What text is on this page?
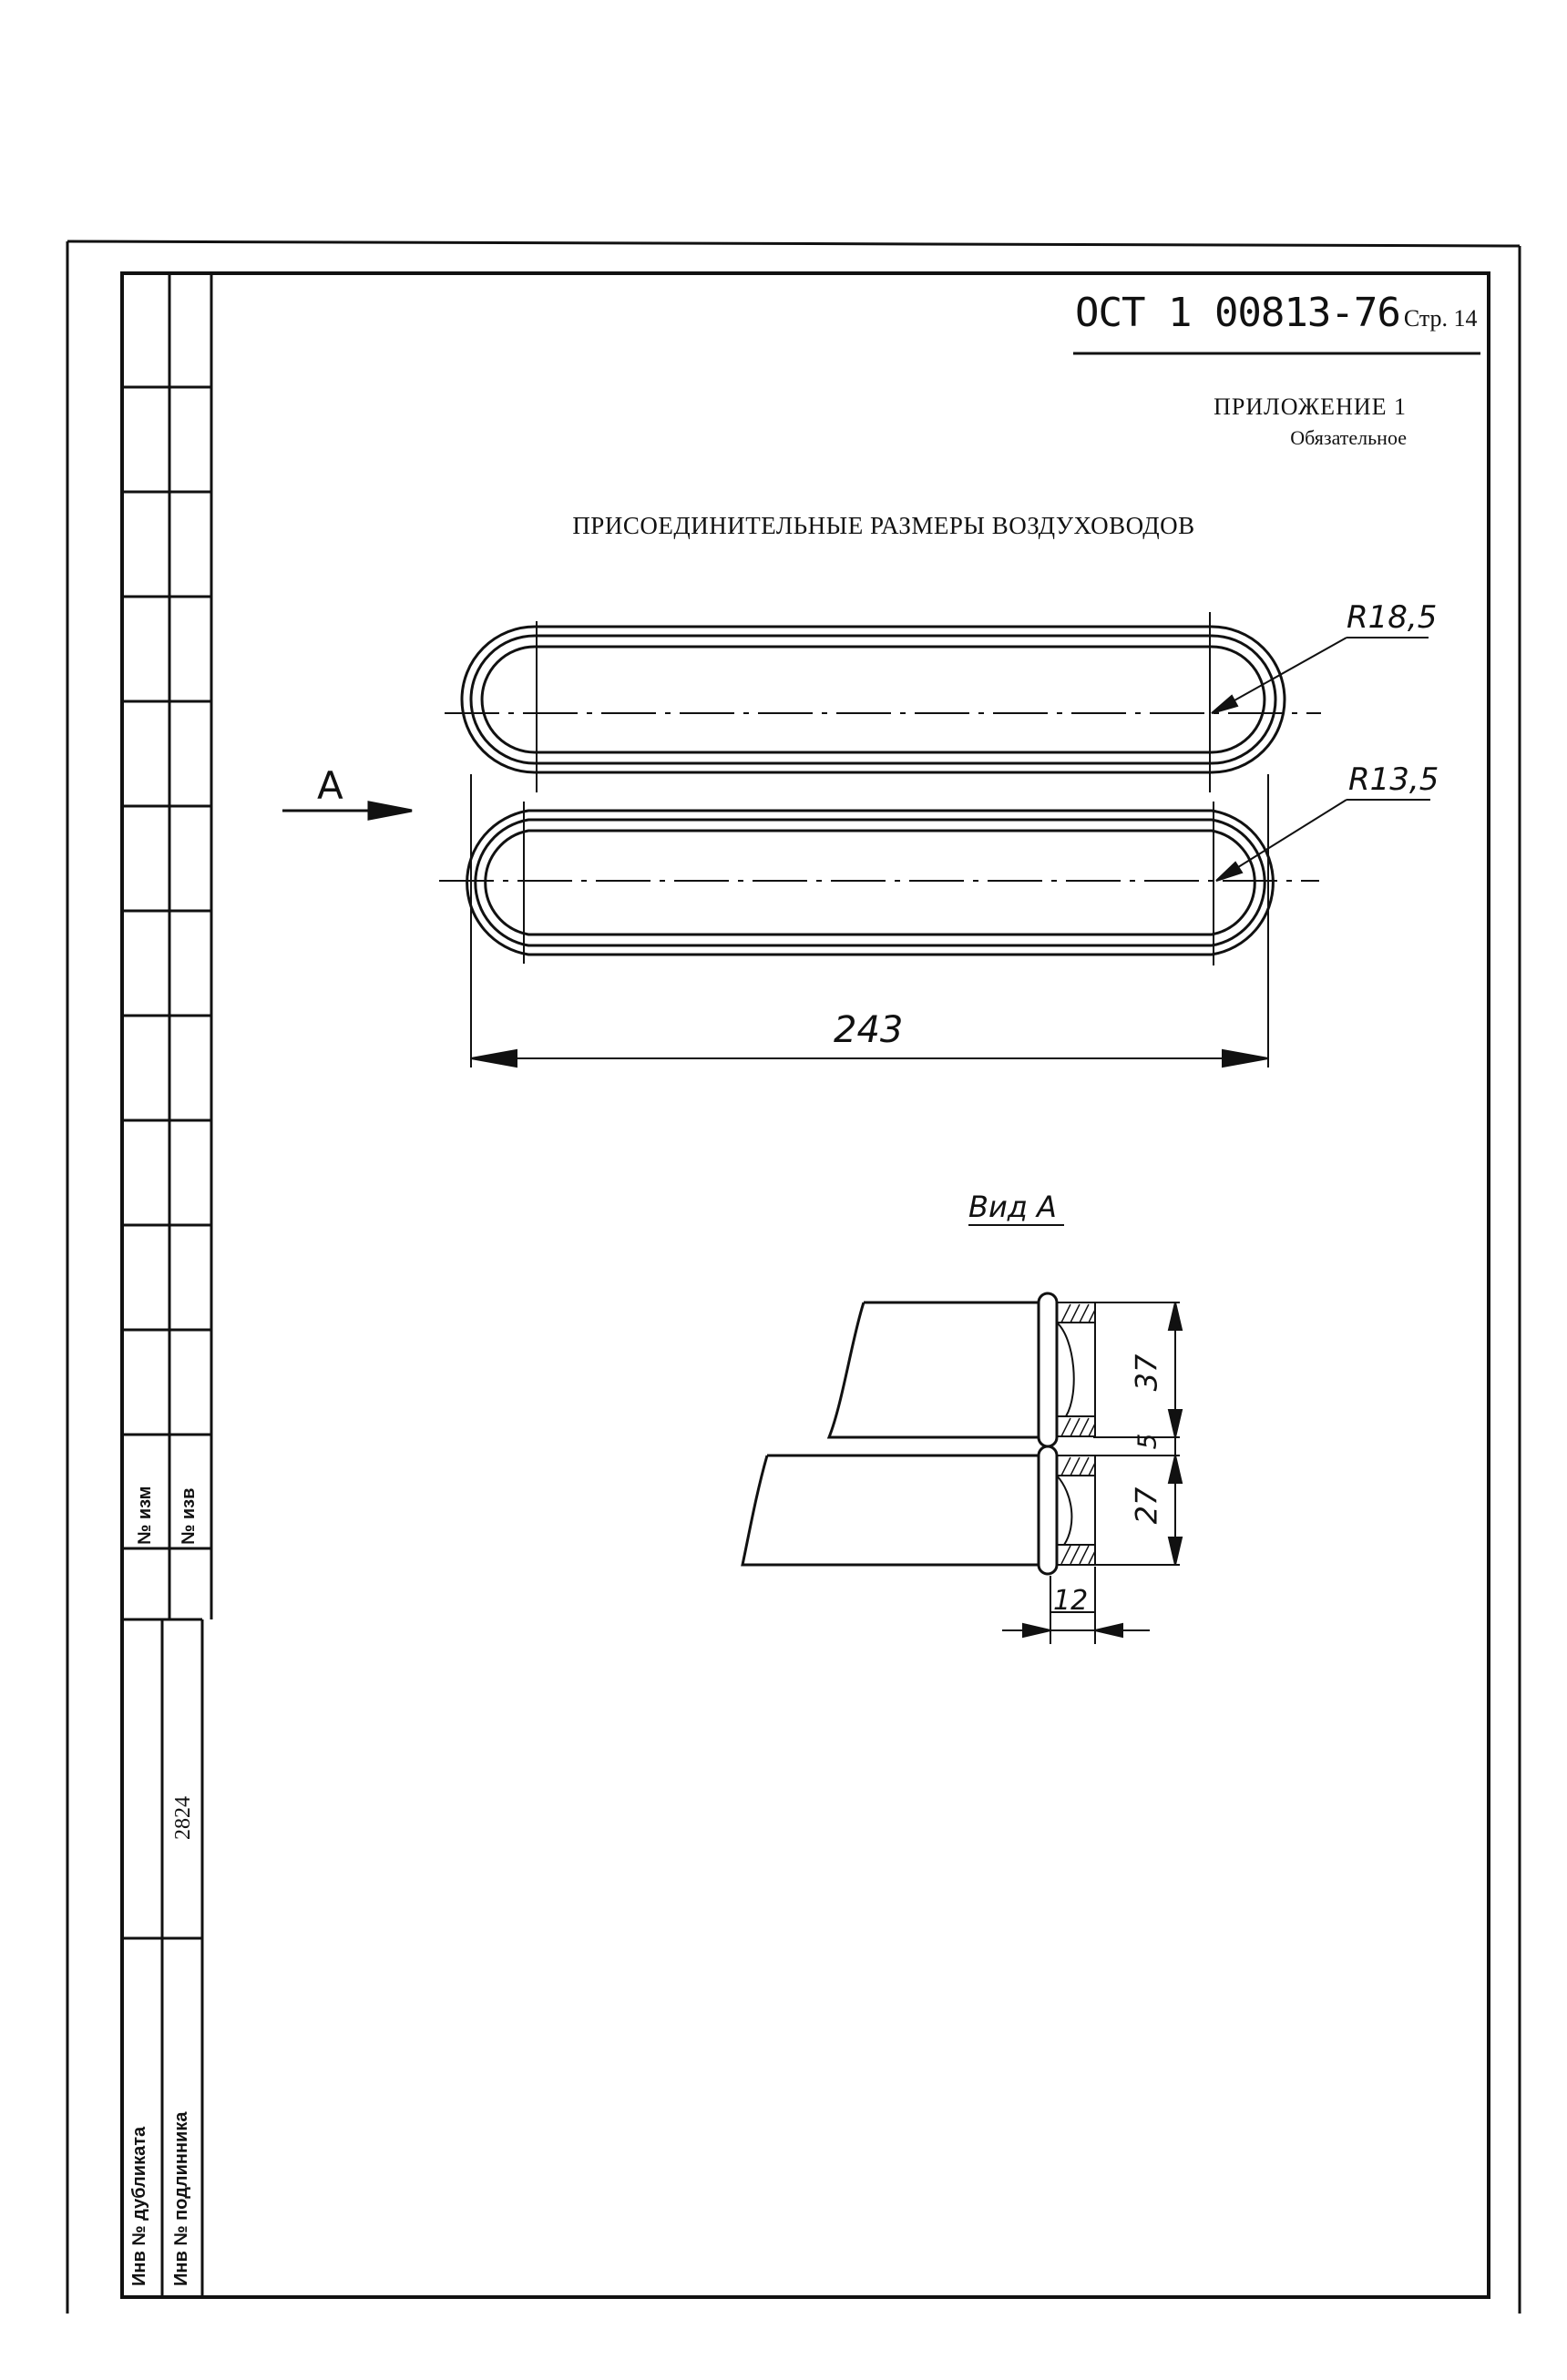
ОСТ 1 00813-76 Стр. 14
ПРИЛОЖЕНИЕ 1
Обязательное
ПРИСОЕДИНИТЕЛЬНЫЕ РАЗМЕРЫ ВОЗДУХОВОДОВ
А
R18,5
R13,5
243
Вид А
37
5
27
12
№ изм № изв
Инв № дубликата Инв № подлинника
2824
